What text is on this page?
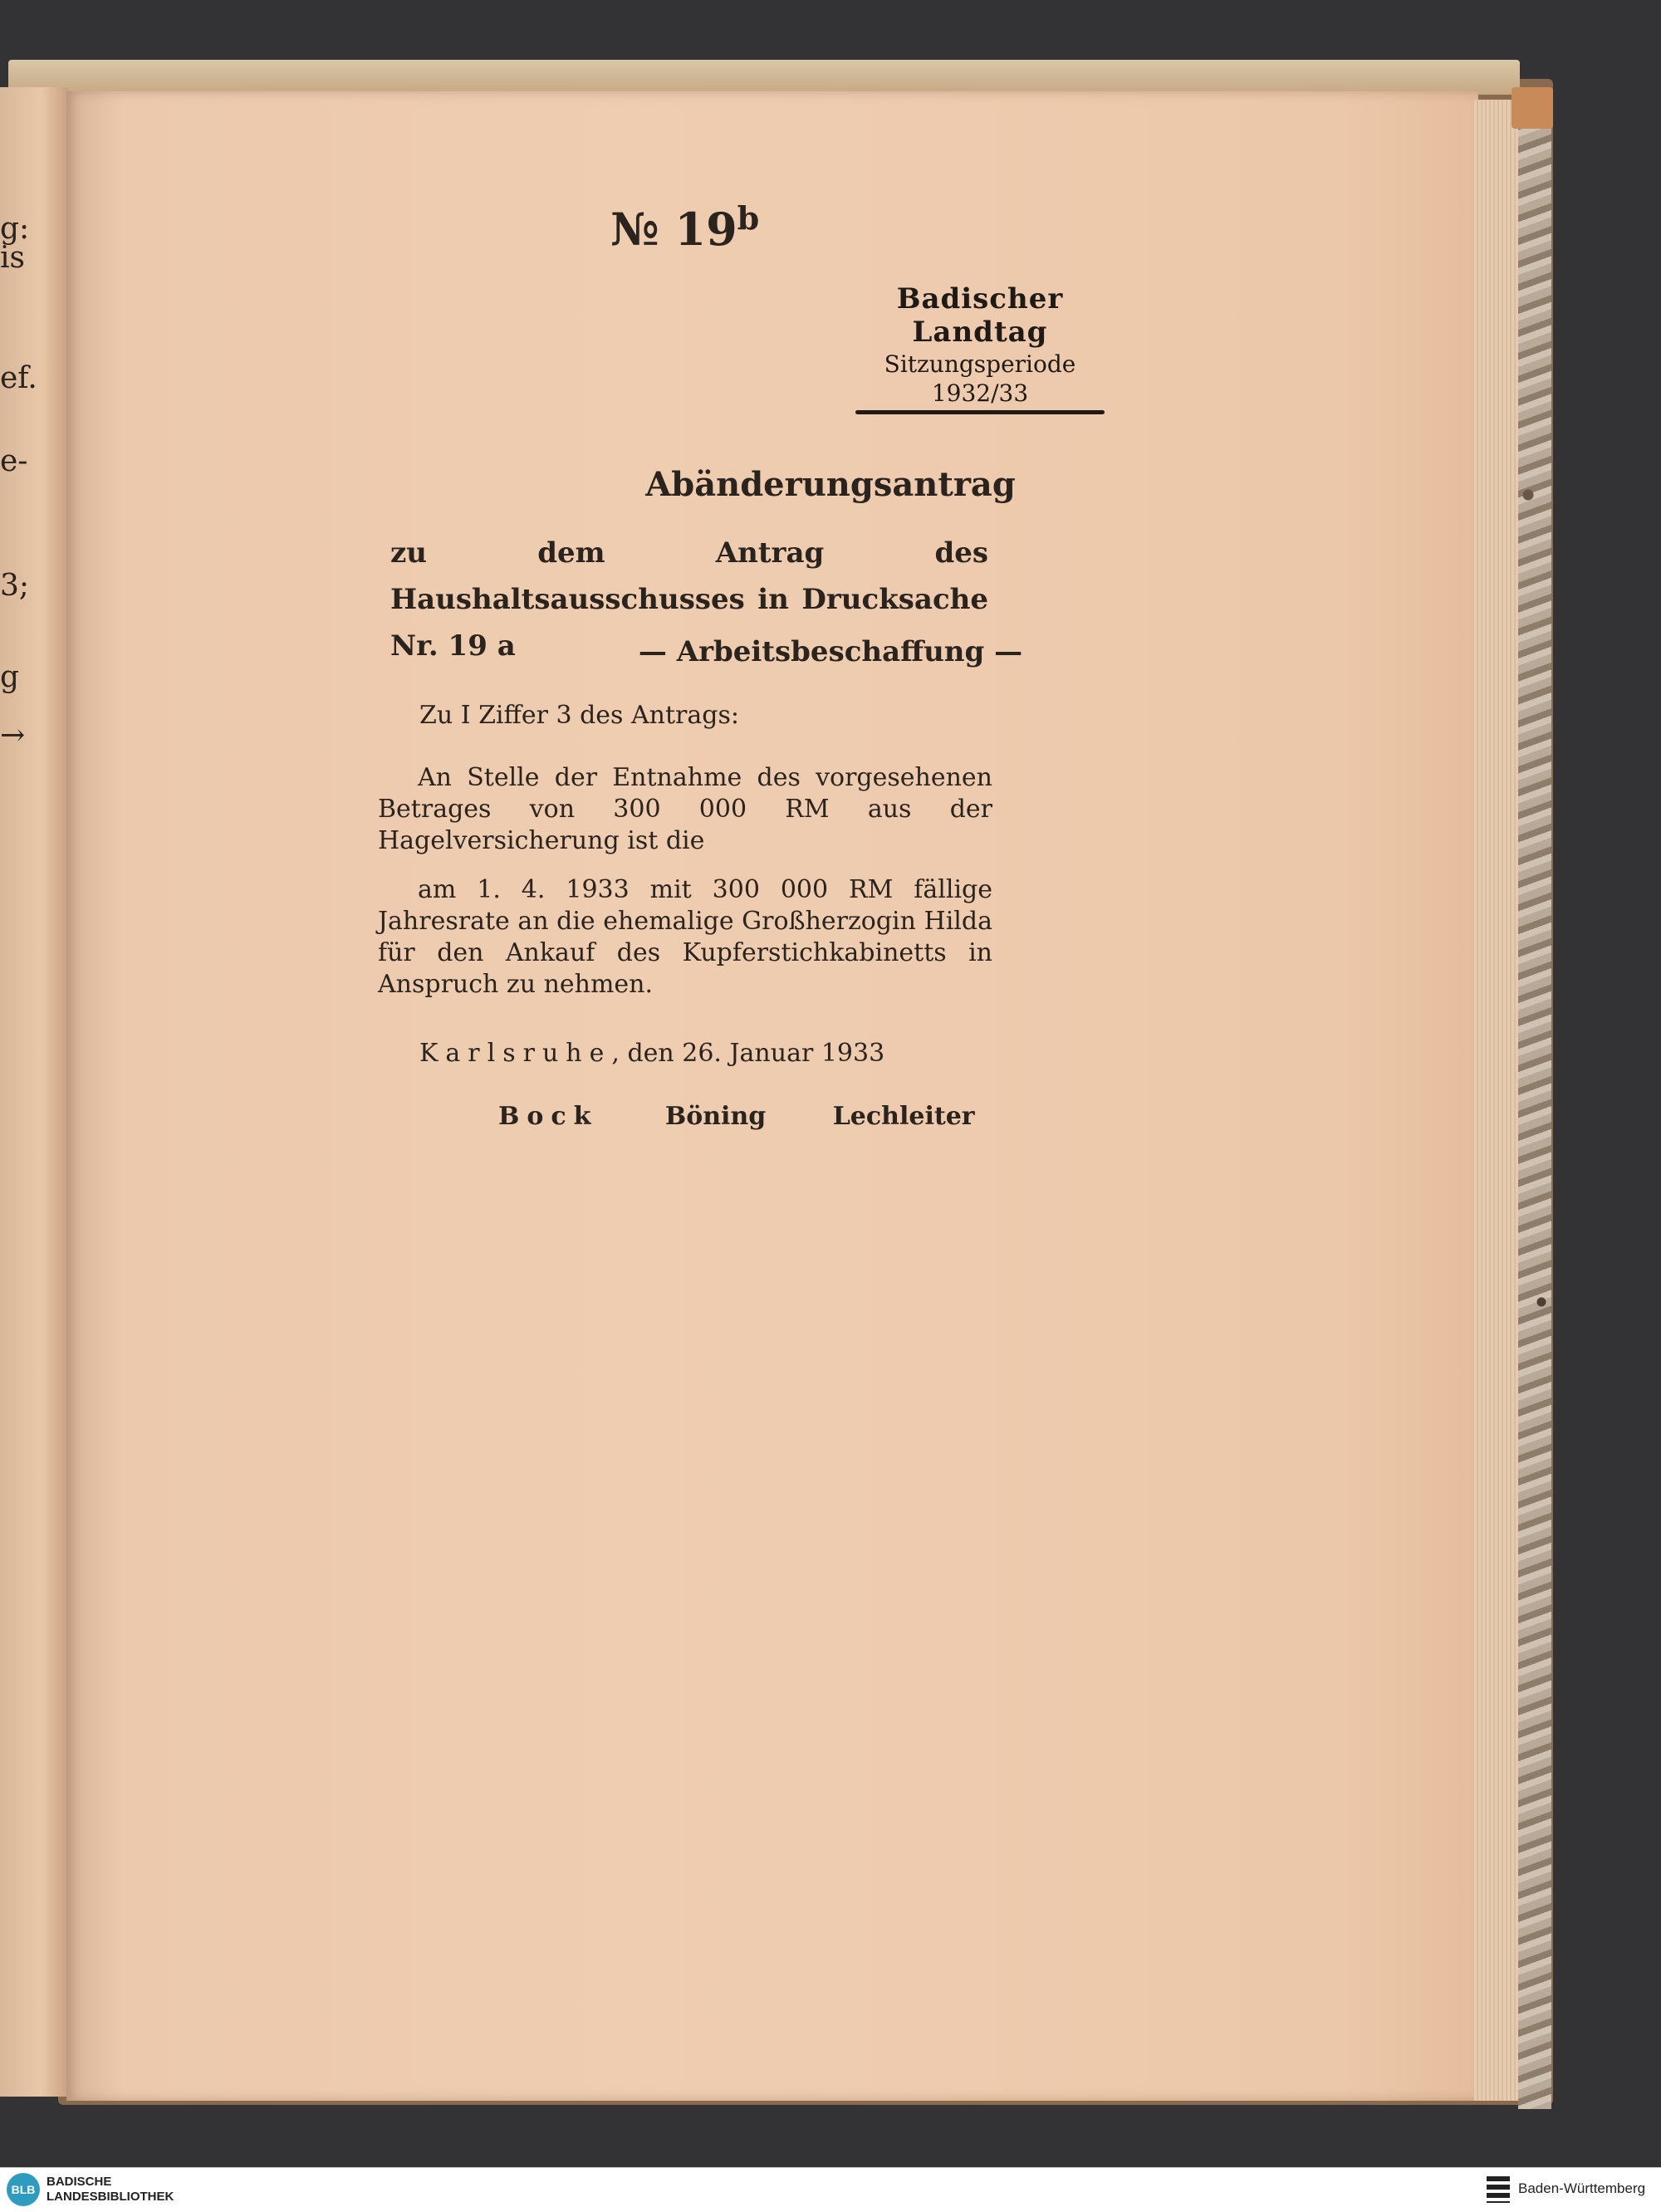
g:
is
ef.
e-
3;
g
→
№ 19$^b$
Badischer Landtag
Sitzungsperiode
1932/33
Abänderungsantrag
zu dem Antrag des Haushaltsausschusses in Drucksache Nr. 19 a	— Arbeitsbeschaffung —
Zu I Ziffer 3 des Antrags:
An Stelle der Entnahme des vorgesehenen Betrages von 300 000 RM aus der Hagelversicherung ist die
am 1. 4. 1933 mit 300 000 RM fällige Jahresrate an die ehemalige Großherzogin Hilda für den Ankauf des Kupferstichkabinetts in Anspruch zu nehmen.
Karlsruhe, den 26. Januar 1933
Bock	Böning	Lechleiter
BLB
BADISCHE
LANDESBIBLIOTHEK
Baden-Württemberg
